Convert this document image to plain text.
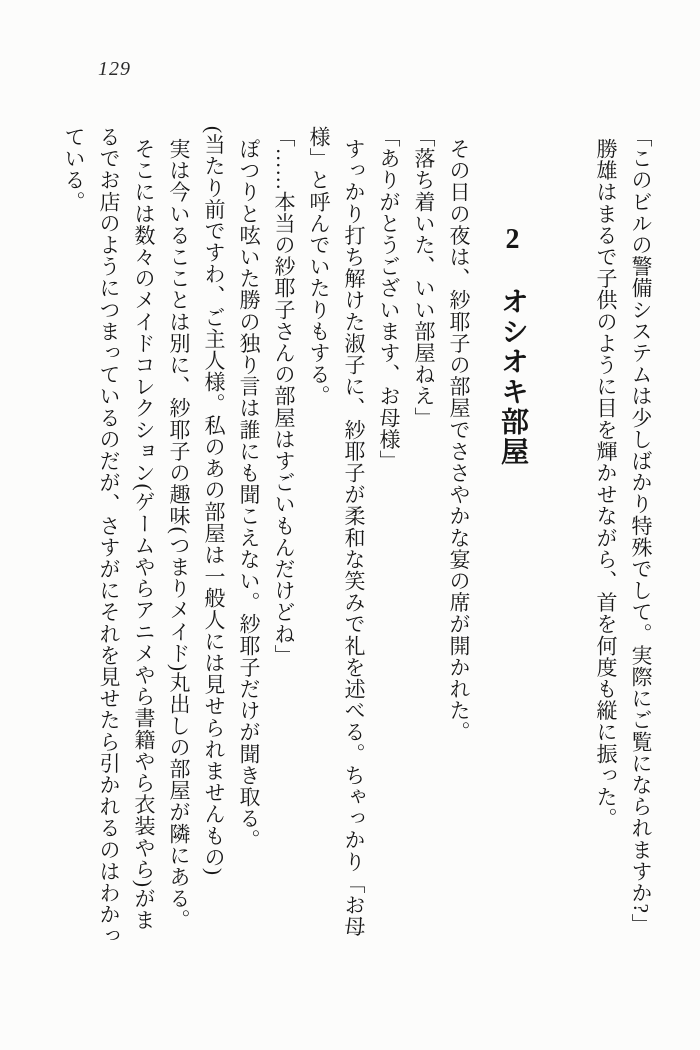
129
「このビルの警備システムは少しばかり特殊でして。実際にご覧になられますか?」
勝雄はまるで子供のように目を輝かせながら、首を何度も縦に振った。
2　オシオキ部屋
その日の夜は、紗耶子の部屋でささやかな宴の席が開かれた。
「落ち着いた、いい部屋ねえ」
「ありがとうございます、お母様」
すっかり打ち解けた淑子に、紗耶子が柔和な笑みで礼を述べる。ちゃっかり「お母
様」と呼んでいたりもする。
「……本当の紗耶子さんの部屋はすごいもんだけどね」
ぽつりと呟いた勝の独り言は誰にも聞こえない。紗耶子だけが聞き取る。
(当たり前ですわ、ご主人様。私のあの部屋は一般人には見せられませんもの)
実は今いるこことは別に、紗耶子の趣味(つまりメイド)丸出しの部屋が隣にある。
そこには数々のメイドコレクション(ゲームやらアニメやら書籍やら衣装やら)がま
るでお店のようにつまっているのだが、さすがにそれを見せたら引かれるのはわかっ
ている。
